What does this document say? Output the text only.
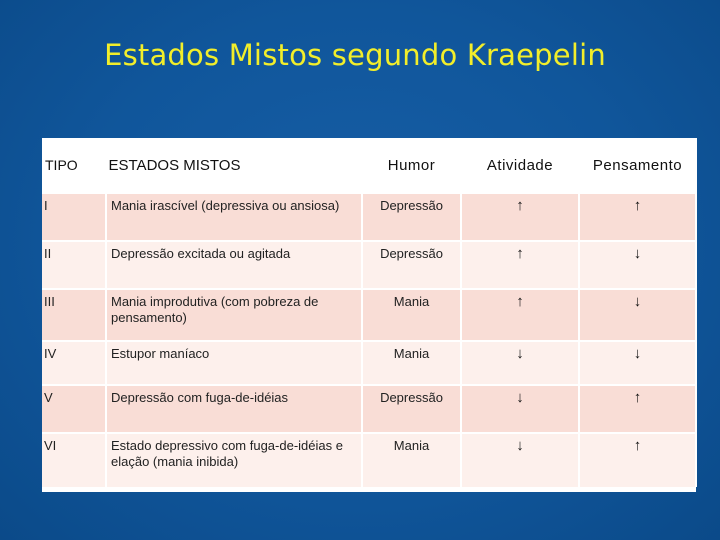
Estados Mistos segundo Kraepelin
TIPO	ESTADOS MISTOS	Humor	Atividade	Pensamento
I	Mania irascível (depressiva ou ansiosa)	Depressão	↑	↑
II	Depressão excitada ou agitada	Depressão	↑	↓
III	Mania improdutiva (com pobreza de pensamento)	Mania	↑	↓
IV	Estupor maníaco	Mania	↓	↓
V	Depressão com fuga-de-idéias	Depressão	↓	↑
VI	Estado depressivo com fuga-de-idéias e elação (mania inibida)	Mania	↓	↑
